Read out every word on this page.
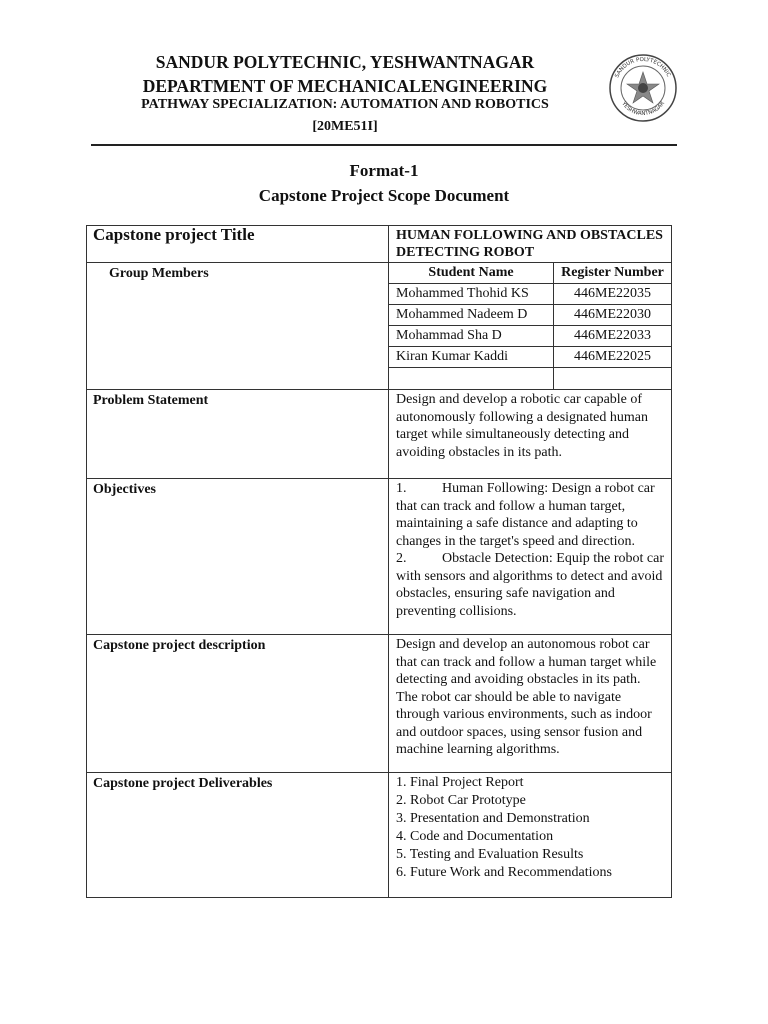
SANDUR POLYTECHNIC, YESHWANTNAGAR
DEPARTMENT OF MECHANICALENGINEERING
PATHWAY SPECIALIZATION: AUTOMATION AND ROBOTICS
[20ME51I]
SANDUR POLYTECHNIC
YESHWANTNAGAR
Format-1
Capstone Project Scope Document
Capstone project Title	HUMAN FOLLOWING AND OBSTACLES DETECTING ROBOT
Group Members		Student Name	Register Number
Mohammed Thohid KS	446ME22035
Mohammed Nadeem D	446ME22030
Mohammad Sha D	446ME22033
Kiran Kumar Kaddi	446ME22025

Problem Statement	Design and develop a robotic car capable of autonomously following a designated human target while simultaneously detecting and avoiding obstacles in its path.
Objectives	1.	Human Following: Design a robot car that can track and follow a human target, maintaining a safe distance and adapting to changes in the target's speed and direction.
2.	Obstacle Detection: Equip the robot car with sensors and algorithms to detect and avoid obstacles, ensuring safe navigation and preventing collisions.

Capstone project description	Design and develop an autonomous robot car that can track and follow a human target while detecting and avoiding obstacles in its path. The robot car should be able to navigate through various environments, such as indoor and outdoor spaces, using sensor fusion and machine learning algorithms.
Capstone project Deliverables	1. Final Project Report
2. Robot Car Prototype
3. Presentation and Demonstration
4. Code and Documentation
5. Testing and Evaluation Results
6. Future Work and Recommendations
